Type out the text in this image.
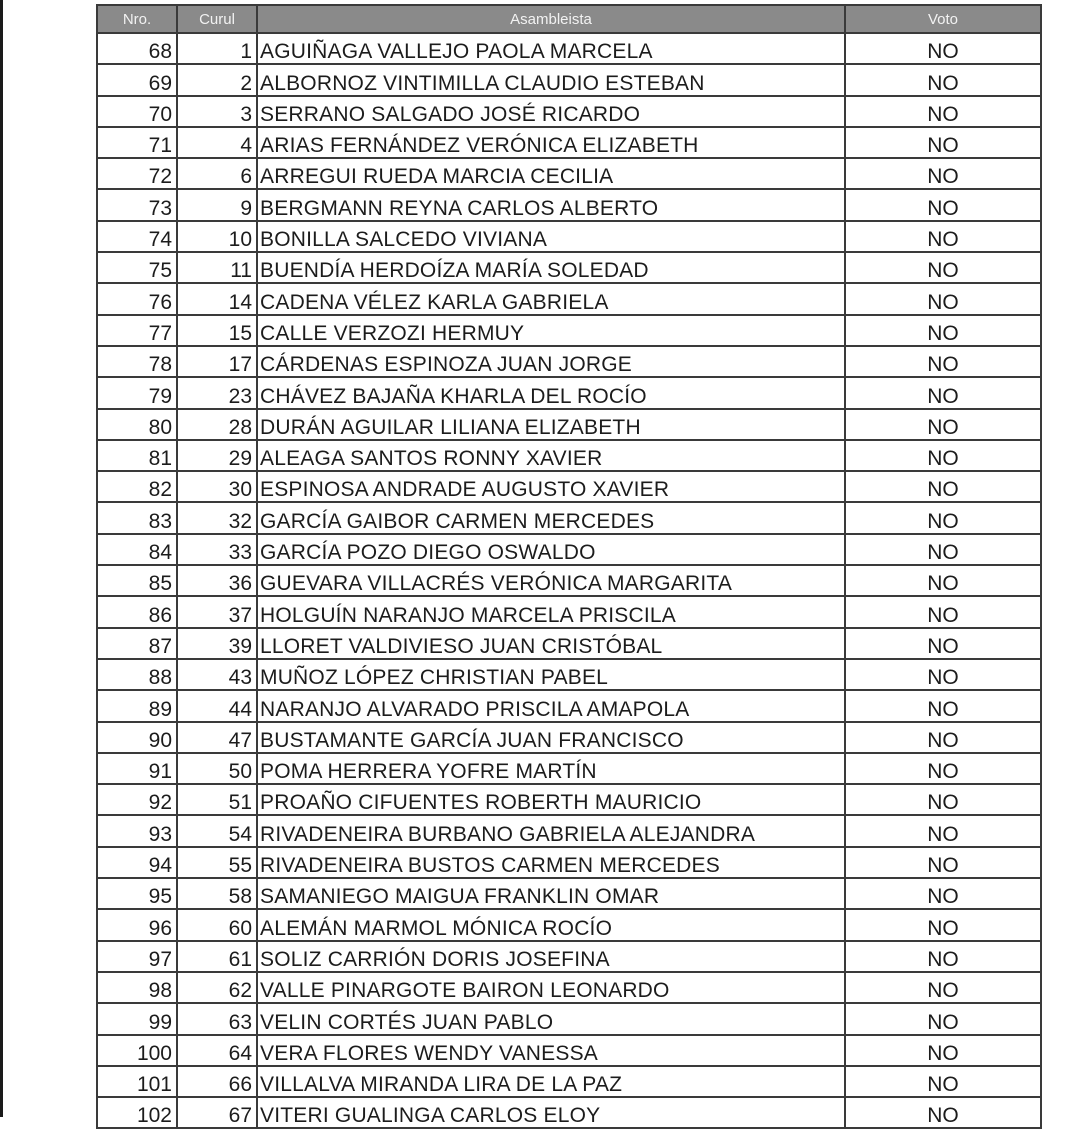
Nro.	Curul	Asambleista	Voto
68	1	AGUIÑAGA VALLEJO PAOLA MARCELA	NO
69	2	ALBORNOZ VINTIMILLA CLAUDIO ESTEBAN	NO
70	3	SERRANO SALGADO JOSÉ RICARDO	NO
71	4	ARIAS FERNÁNDEZ VERÓNICA ELIZABETH	NO
72	6	ARREGUI RUEDA MARCIA CECILIA	NO
73	9	BERGMANN REYNA CARLOS ALBERTO	NO
74	10	BONILLA SALCEDO VIVIANA	NO
75	11	BUENDÍA HERDOÍZA MARÍA SOLEDAD	NO
76	14	CADENA VÉLEZ KARLA GABRIELA	NO
77	15	CALLE VERZOZI HERMUY	NO
78	17	CÁRDENAS ESPINOZA JUAN JORGE	NO
79	23	CHÁVEZ BAJAÑA KHARLA DEL ROCÍO	NO
80	28	DURÁN AGUILAR LILIANA ELIZABETH	NO
81	29	ALEAGA SANTOS RONNY XAVIER	NO
82	30	ESPINOSA ANDRADE AUGUSTO XAVIER	NO
83	32	GARCÍA GAIBOR CARMEN MERCEDES	NO
84	33	GARCÍA POZO DIEGO OSWALDO	NO
85	36	GUEVARA VILLACRÉS VERÓNICA MARGARITA	NO
86	37	HOLGUÍN NARANJO MARCELA PRISCILA	NO
87	39	LLORET VALDIVIESO JUAN CRISTÓBAL	NO
88	43	MUÑOZ LÓPEZ CHRISTIAN PABEL	NO
89	44	NARANJO ALVARADO PRISCILA AMAPOLA	NO
90	47	BUSTAMANTE GARCÍA JUAN FRANCISCO	NO
91	50	POMA HERRERA YOFRE MARTÍN	NO
92	51	PROAÑO CIFUENTES ROBERTH MAURICIO	NO
93	54	RIVADENEIRA BURBANO GABRIELA ALEJANDRA	NO
94	55	RIVADENEIRA BUSTOS CARMEN MERCEDES	NO
95	58	SAMANIEGO MAIGUA FRANKLIN OMAR	NO
96	60	ALEMÁN MARMOL MÓNICA ROCÍO	NO
97	61	SOLIZ CARRIÓN DORIS JOSEFINA	NO
98	62	VALLE PINARGOTE BAIRON LEONARDO	NO
99	63	VELIN CORTÉS JUAN PABLO	NO
100	64	VERA FLORES WENDY VANESSA	NO
101	66	VILLALVA MIRANDA LIRA DE LA PAZ	NO
102	67	VITERI GUALINGA CARLOS ELOY	NO
